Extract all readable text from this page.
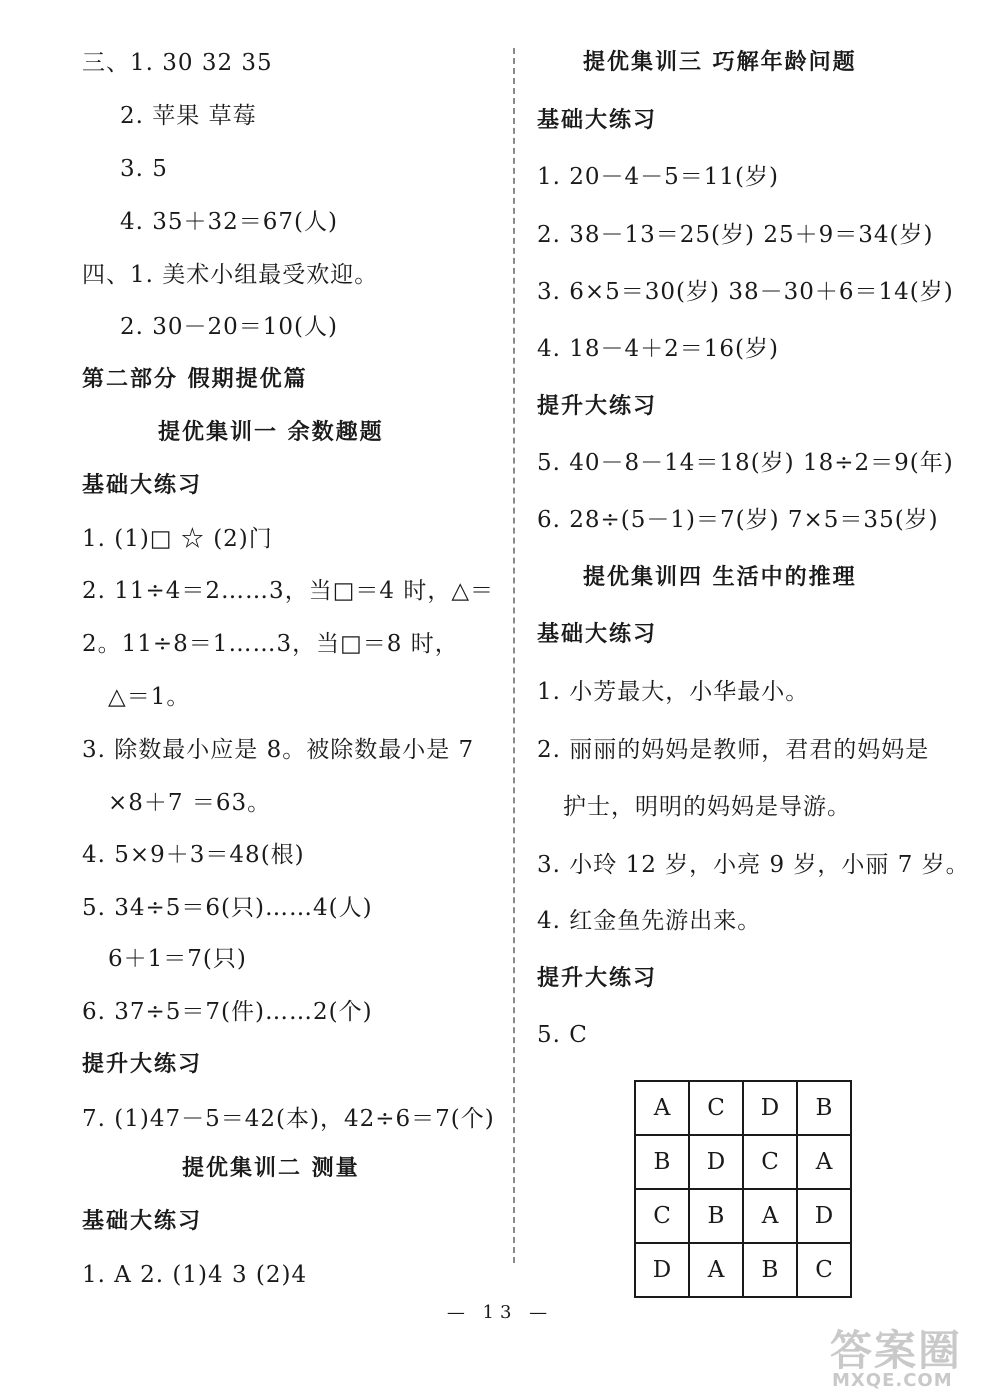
三、1. 30 32 35
2. 苹果 草莓
3. 5
4. 35＋32＝67(人)
四、1. 美术小组最受欢迎。
2. 30－20＝10(人)
第二部分 假期提优篇
提优集训一 余数趣题
基础大练习
1. (1)□ ☆ (2)门
2. 11÷4＝2……3，当□＝4 时，△＝
2。11÷8＝1……3，当□＝8 时，
△＝1。
3. 除数最小应是 8。被除数最小是 7
×8＋7 ＝63。
4. 5×9＋3＝48(根)
5. 34÷5＝6(只)……4(人)
6＋1＝7(只)
6. 37÷5＝7(件)……2(个)
提升大练习
7. (1)47－5＝42(本)，42÷6＝7(个)
提优集训二 测量
基础大练习
1. A 2. (1)4 3 (2)4
提优集训三 巧解年龄问题
基础大练习
1. 20－4－5＝11(岁)
2. 38－13＝25(岁) 25＋9＝34(岁)
3. 6×5＝30(岁) 38－30＋6＝14(岁)
4. 18－4＋2＝16(岁)
提升大练习
5. 40－8－14＝18(岁) 18÷2＝9(年)
6. 28÷(5－1)＝7(岁) 7×5＝35(岁)
提优集训四 生活中的推理
基础大练习
1. 小芳最大，小华最小。
2. 丽丽的妈妈是教师，君君的妈妈是
护士，明明的妈妈是导游。
3. 小玲 12 岁，小亮 9 岁，小丽 7 岁。
4. 红金鱼先游出来。
提升大练习
5. C
A	C	D	B
B	D	C	A
C	B	A	D
D	A	B	C
— 13 —
答案圈
MXQE.COM
